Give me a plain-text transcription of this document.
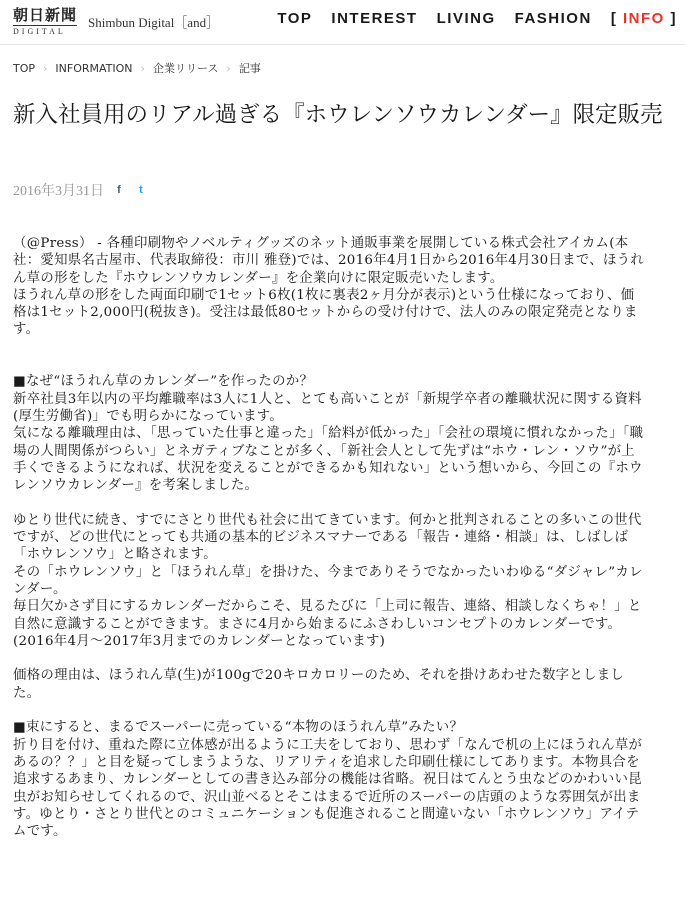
朝日新聞
DIGITAL
Shimbun Digital［and］	TOP INTEREST LIVING FASHION [ INFO ]
TOP › INFORMATION › 企業リリース › 記事
新入社員用のリアル過ぎる『ホウレンソウカレンダー』限定販売
2016年3月31日	f	t

（@Press） - 各種印刷物やノベルティグッズのネット通販事業を展開している株式会社アイカム(本社：愛知県名古屋市、代表取締役：市川 雅登)では、2016年4月1日から2016年4月30日まで、ほうれん草の形をした『ホウレンソウカレンダー』を企業向けに限定販売いたします。
ほうれん草の形をした両面印刷で1セット6枚(1枚に裏表2ヶ月分が表示)という仕様になっており、価格は1セット2,000円(税抜き)。受注は最低80セットからの受け付けで、法人のみの限定発売となります。

■なぜ“ほうれん草のカレンダー”を作ったのか？
新卒社員3年以内の平均離職率は3人に1人と、とても高いことが「新規学卒者の離職状況に関する資料(厚生労働省)」でも明らかになっています。
気になる離職理由は、「思っていた仕事と違った」「給料が低かった」「会社の環境に慣れなかった」「職場の人間関係がつらい」とネガティブなことが多く、「新社会人として先ずは“ホウ・レン・ソウ”が上手くできるようになれば、状況を変えることができるかも知れない」という想いから、今回この『ホウレンソウカレンダー』を考案しました。

ゆとり世代に続き、すでにさとり世代も社会に出てきています。何かと批判されることの多いこの世代ですが、どの世代にとっても共通の基本的ビジネスマナーである「報告・連絡・相談」は、しばしば「ホウレンソウ」と略されます。
その「ホウレンソウ」と「ほうれん草」を掛けた、今までありそうでなかったいわゆる“ダジャレ”カレンダー。
毎日欠かさず目にするカレンダーだからこそ、見るたびに「上司に報告、連絡、相談しなくちゃ！」と自然に意識することができます。まさに4月から始まるにふさわしいコンセプトのカレンダーです。
(2016年4月～2017年3月までのカレンダーとなっています)

価格の理由は、ほうれん草(生)が100gで20キロカロリーのため、それを掛けあわせた数字としました。

■束にすると、まるでスーパーに売っている“本物のほうれん草”みたい？
折り目を付け、重ねた際に立体感が出るように工夫をしており、思わず「なんで机の上にほうれん草があるの？？」と目を疑ってしまうような、リアリティを追求した印刷仕様にしてあります。本物具合を追求するあまり、カレンダーとしての書き込み部分の機能は省略。祝日はてんとう虫などのかわいい昆虫がお知らせしてくれるので、沢山並べるとそこはまるで近所のスーパーの店頭のような雰囲気が出ます。ゆとり・さとり世代とのコミュニケーションも促進されること間違いない「ホウレンソウ」アイテムです。
